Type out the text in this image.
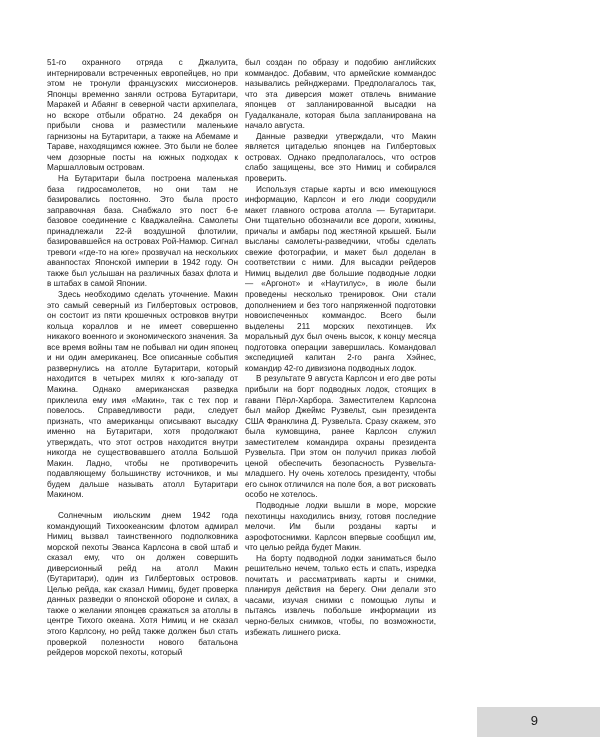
51-го охранного отряда с Джалуита, интернировали встреченных европейцев, но при этом не тронули французских миссионеров. Японцы временно заняли острова Бутаритари, Маракей и Абаянг в северной части архипелага, но вскоре отбыли обратно. 24 декабря он прибыли снова и разместили маленькие гарнизоны на Бутаритари, а также на Абемаме и Тараве, находящимся южнее. Это были не более чем дозорные посты на южных подходах к Маршалловым островам.

На Бутаритари была построена маленькая база гидросамолетов, но они там не базировались постоянно. Это была просто заправочная база. Снабжало это пост 6-е базовое соединение с Кваджалейна. Самолеты принадлежали 22-й воздушной флотилии, базировавшейся на островах Рой-Намюр. Сигнал тревоги «где-то на юге» прозвучал на нескольких аванпостах Японской империи в 1942 году. Он также был услышан на различных базах флота и в штабах в самой Японии.

Здесь необходимо сделать уточнение. Макин это самый северный из Гилбертовых островов, он состоит из пяти крошечных островков внутри кольца кораллов и не имеет совершенно никакого военного и экономического значения. За все время войны там не побывал ни один японец и ни один американец. Все описанные события развернулись на атолле Бутаритари, который находится в четырех милях к юго-западу от Макина. Однако американская разведка приклеила ему имя «Макин», так с тех пор и повелось. Справедливости ради, следует признать, что американцы описывают высадку именно на Бутаритари, хотя продолжают утверждать, что этот остров находится внутри никогда не существовавшего атолла Большой Макин. Ладно, чтобы не противоречить подавляющему большинству источников, и мы будем дальше называть атолл Бутаритари Макином.

Солнечным июльским днем 1942 года командующий Тихоокеанским флотом адмирал Нимиц вызвал таинственного подполковника морской пехоты Эванса Карлсона в свой штаб и сказал ему, что он должен совершить диверсионный рейд на атолл Макин (Бутаритари), один из Гилбертовых островов. Целью рейда, как сказал Нимиц, будет проверка данных разведки о японской обороне и силах, а также о желании японцев сражаться за атоллы в центре Тихого океана. Хотя Нимиц и не сказал этого Карлсону, но рейд также должен был стать проверкой полезности нового батальона рейдеров морской пехоты, который

был создан по образу и подобию английских коммандос. Добавим, что армейские коммандос назывались рейнджерами. Предполагалось так, что эта диверсия может отвлечь внимание японцев от запланированной высадки на Гуадалканале, которая была запланирована на начало августа.

Данные разведки утверждали, что Макин является цитаделью японцев на Гилбертовых островах. Однако предполагалось, что остров слабо защищены, все это Нимиц и собирался проверить.

Используя старые карты и всю имеющуюся информацию, Карлсон и его люди соорудили макет главного острова атолла — Бутаритари. Они тщательно обозначили все дороги, хижины, причалы и амбары под жестяной крышей. Были высланы самолеты-разведчики, чтобы сделать свежие фотографии, и макет был доделан в соответствии с ними. Для высадки рейдеров Нимиц выделил две большие подводные лодки — «Аргонот» и «Наутилус», в июле были проведены несколько тренировок. Они стали дополнением и без того напряженной подготовки новоиспеченных коммандос. Всего были выделены 211 морских пехотинцев. Их моральный дух был очень высок, к концу месяца подготовка операции завершилась. Командовал экспедицией капитан 2-го ранга Хэйнес, командир 42-го дивизиона подводных лодок.

В результате 9 августа Карлсон и его две роты прибыли на борт подводных лодок, стоящих в гавани Пёрл-Харбора. Заместителем Карлсона был майор Джеймс Рузвельт, сын президента США Франклина Д. Рузвельта. Сразу скажем, это была кумовщина, ранее Карлсон служил заместителем командира охраны президента Рузвельта. При этом он получил приказ любой ценой обеспечить безопасность Рузвельта-младшего. Ну очень хотелось президенту, чтобы его сынок отличился на поле боя, а вот рисковать особо не хотелось.

Подводные лодки вышли в море, морские пехотинцы находились внизу, готовя последние мелочи. Им были розданы карты и аэрофотоснимки. Карлсон впервые сообщил им, что целью рейда будет Макин.

На борту подводной лодки заниматься было решительно нечем, только есть и спать, изредка почитать и рассматривать карты и снимки, планируя действия на берегу. Они делали это часами, изучая снимки с помощью лупы и пытаясь извлечь побольше информации из черно-белых снимков, чтобы, по возможности, избежать лишнего риска.

9
